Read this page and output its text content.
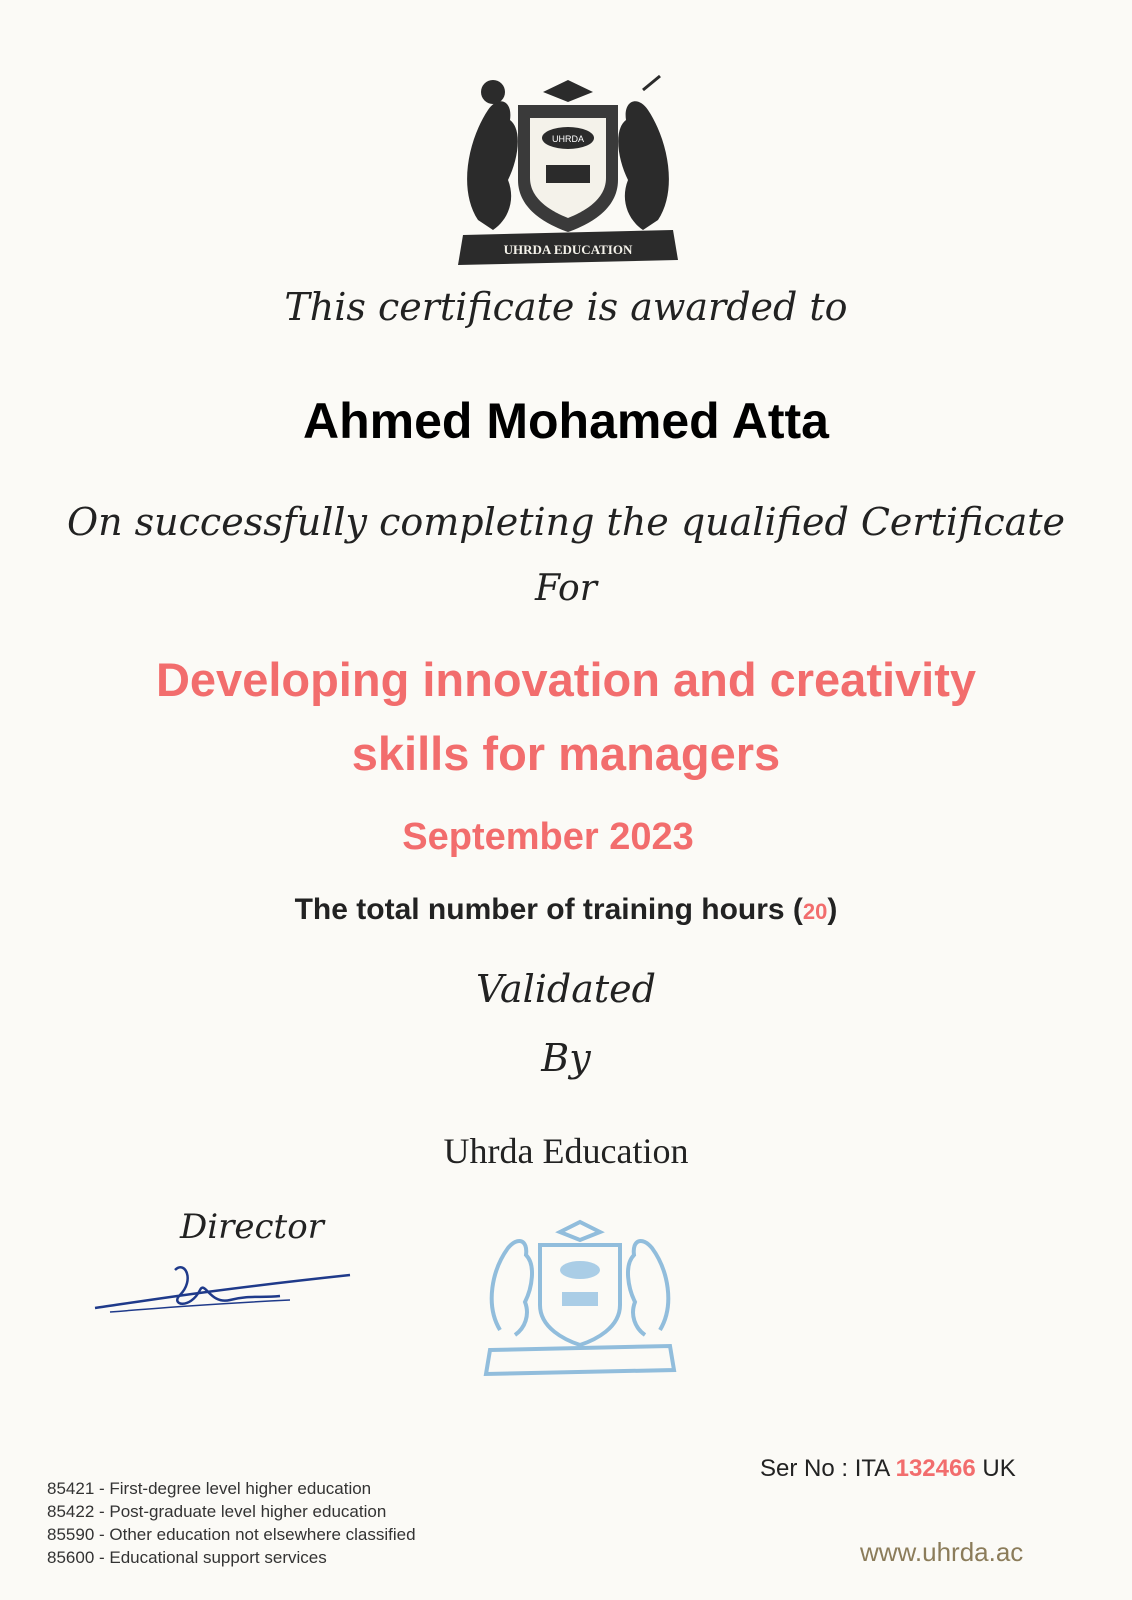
UHRDA
UHRDA EDUCATION
This certificate is awarded to
Ahmed Mohamed Atta
On successfully completing the qualified Certificate
For
Developing innovation and creativity
skills for managers
September 2023
The total number of training hours (20)
Validated
By
Uhrda Education
Director
Ser No : ITA 132466 UK
85421 - First-degree level higher education
85422 - Post-graduate level higher education
85590 - Other education not elsewhere classified
85600 - Educational support services	www.uhrda.ac
